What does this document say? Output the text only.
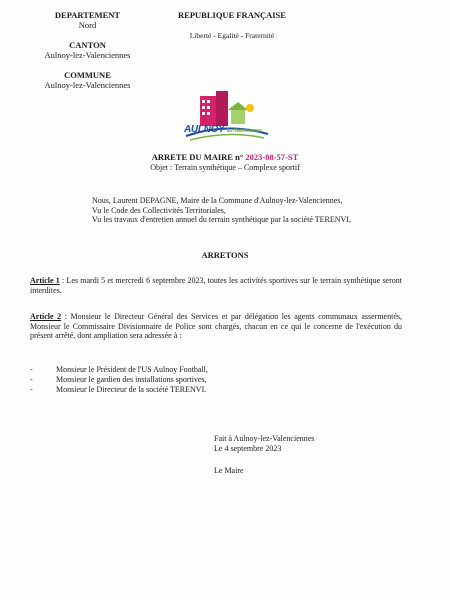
DEPARTEMENT
Nord
CANTON
Aulnoy-lez-Valenciennes
COMMUNE
Aulnoy-lez-Valenciennes
REPUBLIQUE FRANÇAISE
Liberté - Egalité - Fraternité
AULNOY lez-Valenciennes
ARRETE DU MAIRE n° 2023-08-57-ST
Objet : Terrain synthétique – Complexe sportif

Nous, Laurent DEPAGNE, Maire de la Commune d'Aulnoy-lez-Valenciennes,

Vu le Code des Collectivités Territoriales,

Vu les travaux d'entretien annuel du terrain synthétique par la société TERENVI,

ARRETONS

Article 1 : Les mardi 5 et mercredi 6 septembre 2023, toutes les activités sportives sur le terrain synthétique seront interdites.

Article 2 : Monsieur le Directeur Général des Services et par délégation les agents communaux assermentés, Monsieur le Commissaire Divisionnaire de Police sont chargés, chacun en ce qui le concerne de l'exécution du présent arrêté, dont ampliation sera adressée à :

-	Monsieur le Président de l'US Aulnoy Football,
-	Monsieur le gardien des installations sportives,
-	Monsieur le Directeur de la société TERENVI.
Fait à Aulnoy-lez-Valenciennes
Le 4 septembre 2023
Le Maire
